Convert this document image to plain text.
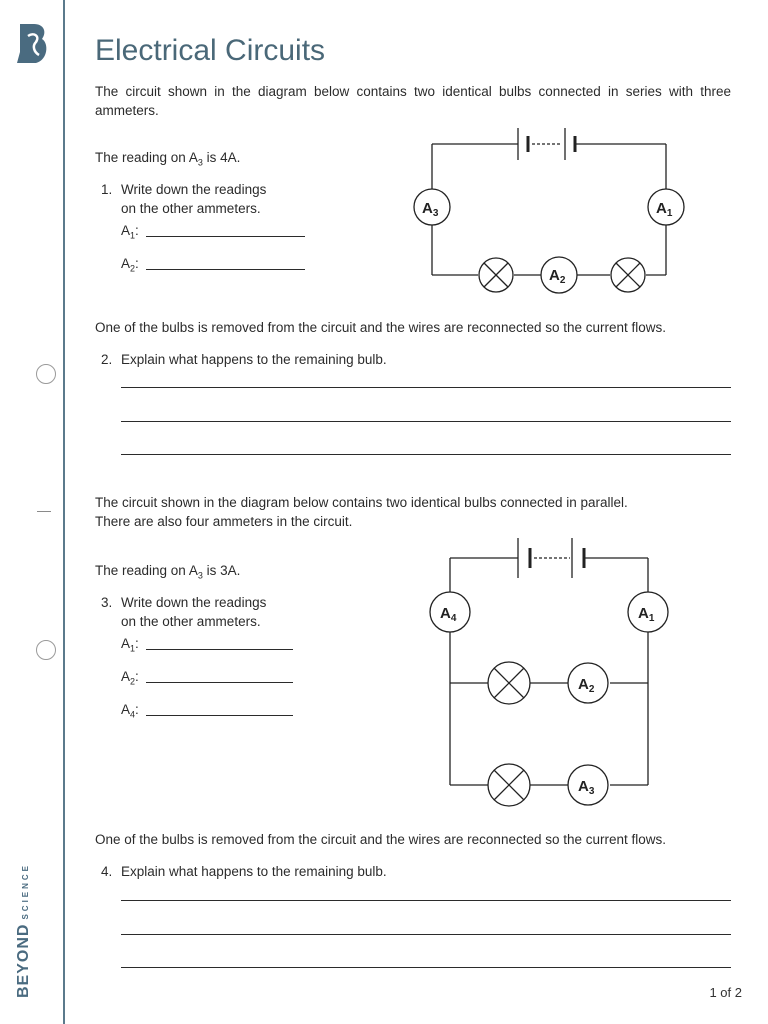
BEYONDSCIENCE
Electrical Circuits
The circuit shown in the diagram below contains two identical bulbs connected in series with three ammeters.
The reading on $A_3$ is 4A.
1. Write down the readings
on the other ammeters.
$A_1$:
$A_2$:
$A_3$	$A_1$
$A_2$
One of the bulbs is removed from the circuit and the wires are reconnected so the current flows.
2. Explain what happens to the remaining bulb.
The circuit shown in the diagram below contains two identical bulbs connected in parallel.
There are also four ammeters in the circuit.
The reading on $A_3$ is 3A.
3. Write down the readings
on the other ammeters.
$A_1$:
$A_2$:
$A_4$:
$A_4$	$A_1$
$A_2$
$A_3$
One of the bulbs is removed from the circuit and the wires are reconnected so the current flows.
4. Explain what happens to the remaining bulb.
1 of 2
